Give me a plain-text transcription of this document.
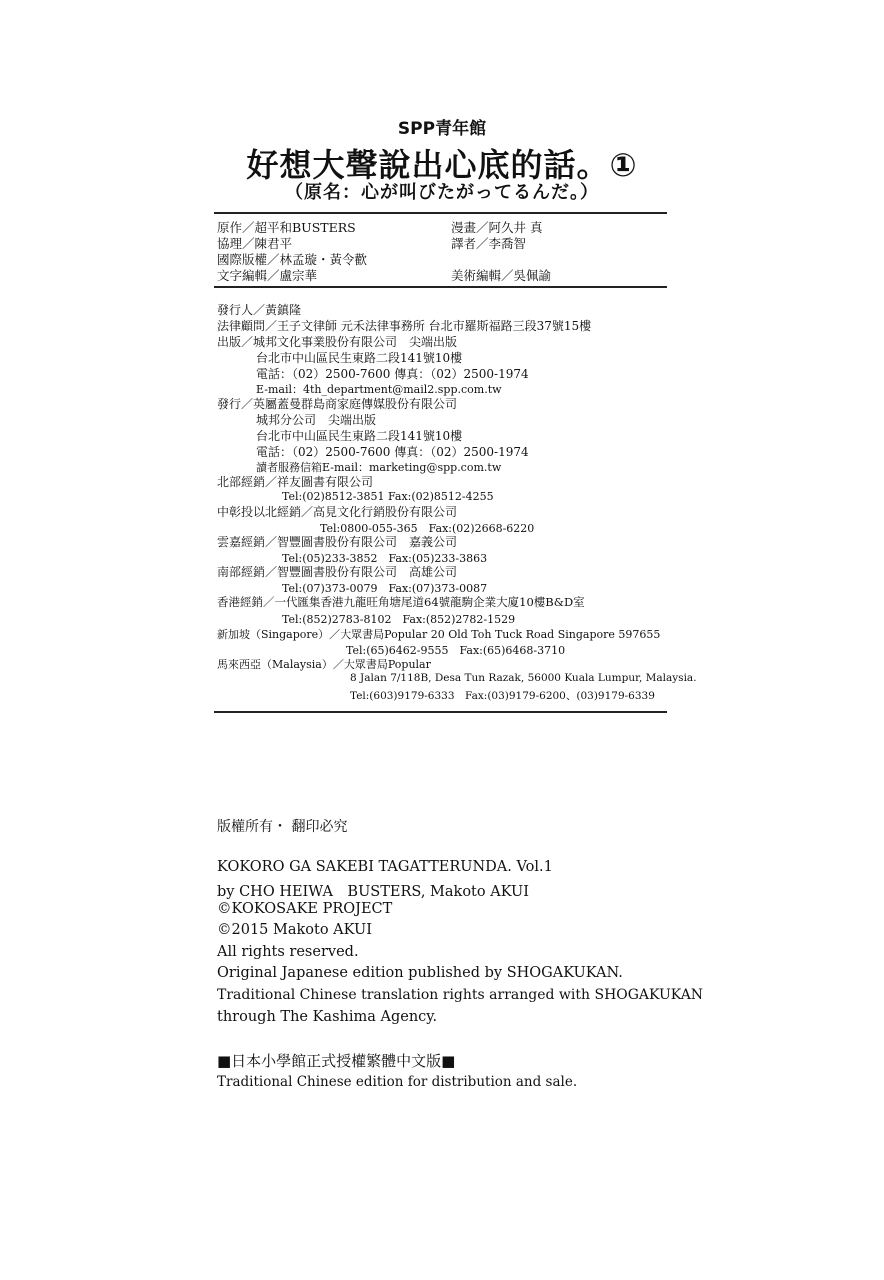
SPP青年館
好想大聲說出心底的話。①
（原名：心が叫びたがってるんだ。）
原作／超平和BUSTERS
協理／陳君平
國際版權／林孟璇・黃令歡
文字編輯／盧宗華
漫畫／阿久井 真
譯者／李喬智
美術編輯／吳佩諭
發行人／黃鎮隆
法律顧問／王子文律師 元禾法律事務所 台北市羅斯福路三段37號15樓
出版／城邦文化事業股份有限公司　尖端出版
台北市中山區民生東路二段141號10樓
電話：（02）2500-7600 傳真：（02）2500-1974
E-mail：4th_department@mail2.spp.com.tw
發行／英屬蓋曼群島商家庭傳媒股份有限公司
城邦分公司　尖端出版
台北市中山區民生東路二段141號10樓
電話：（02）2500-7600 傳真：（02）2500-1974
讀者服務信箱E-mail：marketing@spp.com.tw
北部經銷／祥友圖書有限公司
Tel:(02)8512-3851 Fax:(02)8512-4255
中彰投以北經銷／高見文化行銷股份有限公司
Tel:0800-055-365　Fax:(02)2668-6220
雲嘉經銷／智豐圖書股份有限公司　嘉義公司
Tel:(05)233-3852　Fax:(05)233-3863
南部經銷／智豐圖書股份有限公司　高雄公司
Tel:(07)373-0079　Fax:(07)373-0087
香港經銷／一代匯集香港九龍旺角塘尾道64號龍駒企業大廈10樓B&D室
Tel:(852)2783-8102　Fax:(852)2782-1529
新加坡（Singapore）／大眾書局Popular 20 Old Toh Tuck Road Singapore 597655
Tel:(65)6462-9555　Fax:(65)6468-3710
馬來西亞（Malaysia）／大眾書局Popular
8 Jalan 7/118B, Desa Tun Razak, 56000 Kuala Lumpur, Malaysia.
Tel:(603)9179-6333　Fax:(03)9179-6200、(03)9179-6339
版權所有・ 翻印必究
KOKORO GA SAKEBI TAGATTERUNDA. Vol.1
by CHO HEIWA　BUSTERS, Makoto AKUI
©KOKOSAKE PROJECT
©2015 Makoto AKUI
All rights reserved.
Original Japanese edition published by SHOGAKUKAN.
Traditional Chinese translation rights arranged with SHOGAKUKAN
through The Kashima Agency.
■日本小學館正式授權繁體中文版■
Traditional Chinese edition for distribution and sale.
